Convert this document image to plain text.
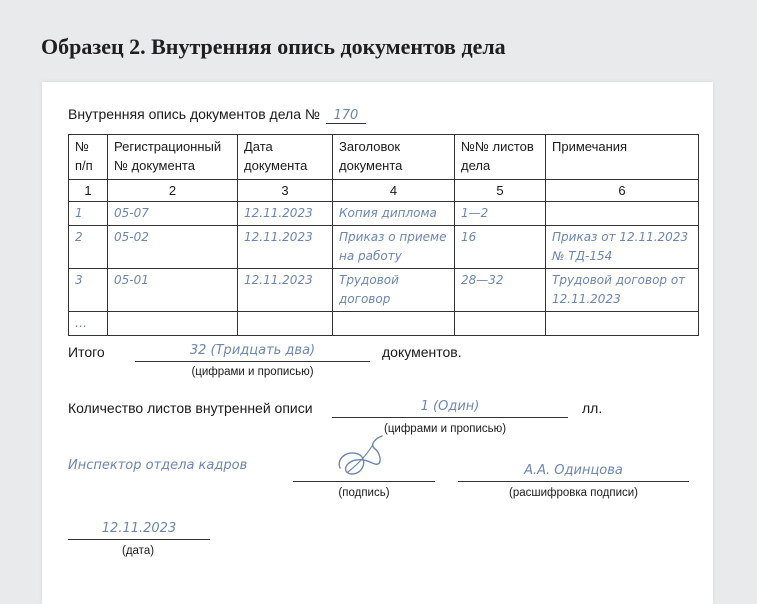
Образец 2. Внутренняя опись документов дела
Внутренняя опись документов дела № 170
№ п/п	Регистрационный № документа	Дата документа	Заголовок документа	№№ листов дела	Примечания
1	2	3	4	5	6
1	05-07	12.11.2023	Копия диплома	1—2	
2	05-02	12.11.2023	Приказ о приеме на работу	16	Приказ от 12.11.2023 № ТД-154
3	05-01	12.11.2023	Трудовой договор	28—32	Трудовой договор от 12.11.2023
…					
Итого	32 (Тридцать два)	документов.
(цифрами и прописью)
Количество листов внутренней описи	1 (Один)	лл.
(цифрами и прописью)
Инспектор отдела кадров
(подпись)
А.А. Одинцова
(расшифровка подписи)
12.11.2023
(дата)
